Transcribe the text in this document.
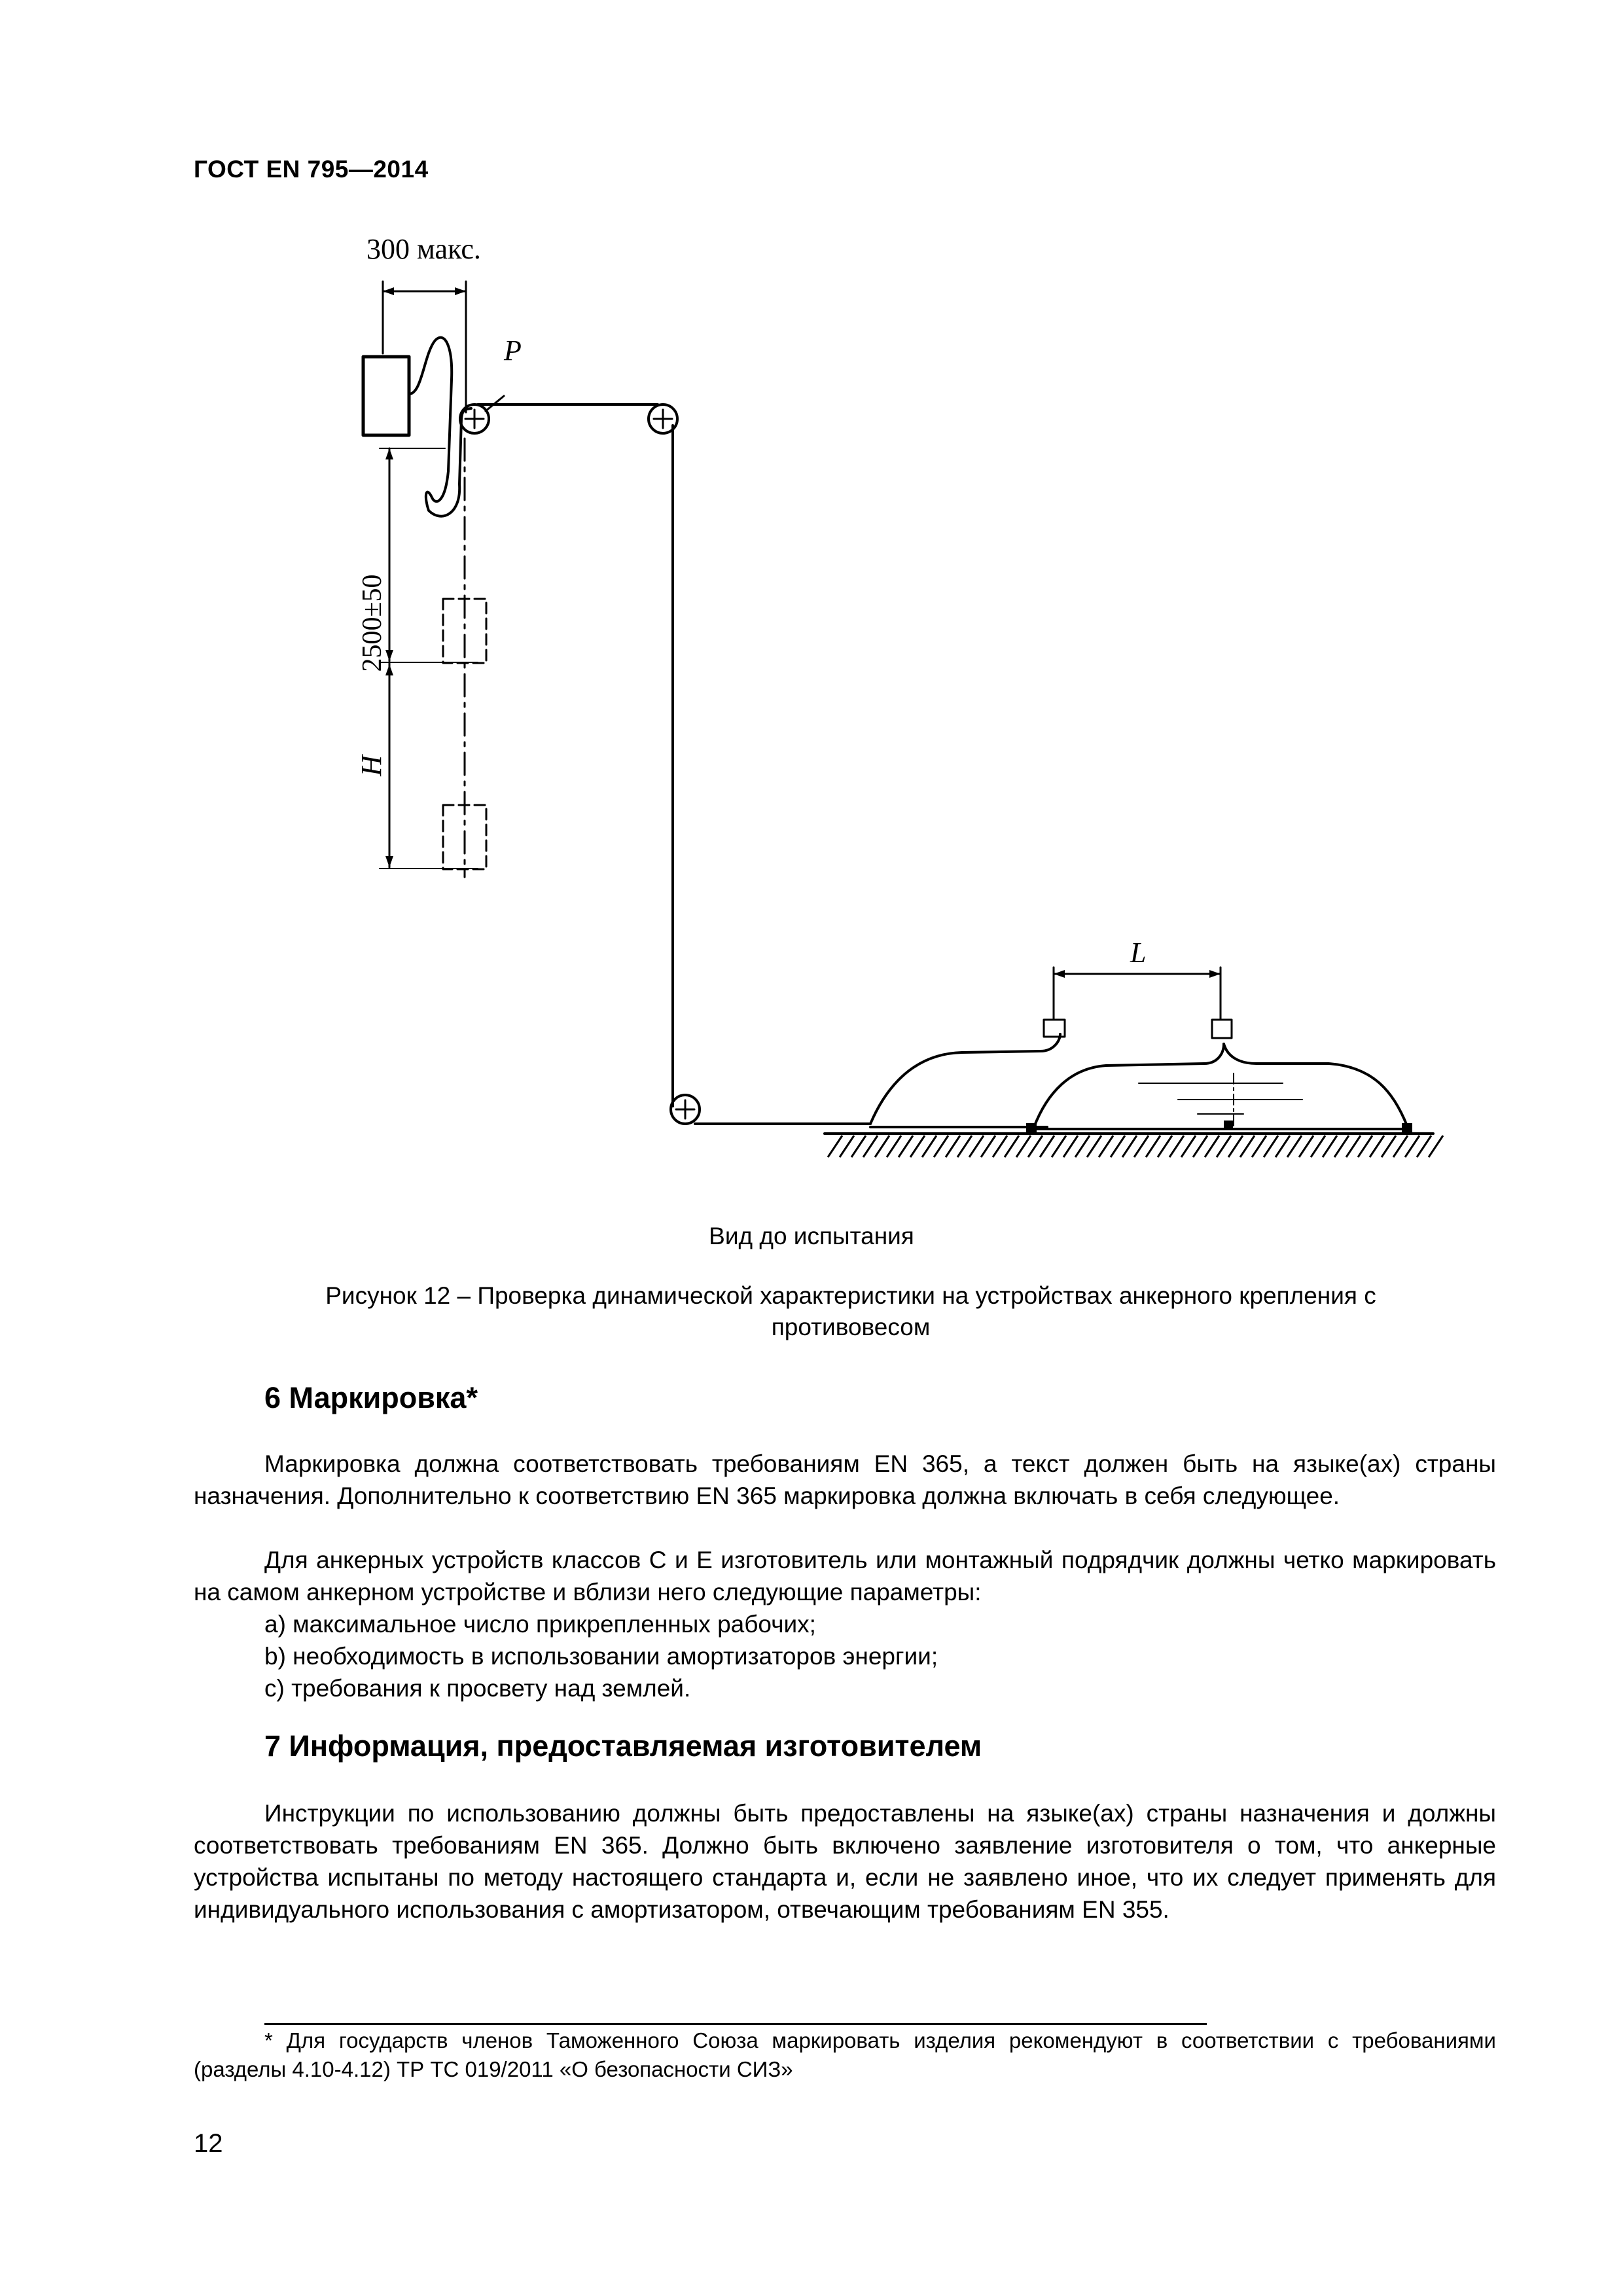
ГОСТ EN 795—2014
300 макс.
P
2500±50
H
L
Вид до испытания
Рисунок 12 – Проверка динамической характеристики на устройствах анкерного крепления с
противовесом
6 Маркировка*
Маркировка должна соответствовать требованиям EN 365, а текст должен быть на языке(ах) страны назначения. Дополнительно к соответствию EN 365 маркировка должна включать в себя следующее.
Для анкерных устройств классов С и E изготовитель или монтажный подрядчик должны четко маркировать на самом анкерном устройстве и вблизи него следующие параметры:
a) максимальное число прикрепленных рабочих;
b) необходимость в использовании амортизаторов энергии;
c) требования к просвету над землей.
7 Информация, предоставляемая изготовителем
Инструкции по использованию должны быть предоставлены на языке(ах) страны назначения и должны соответствовать требованиям EN 365. Должно быть включено заявление изготовителя о том, что анкерные устройства испытаны по методу настоящего стандарта и, если не заявлено иное, что их следует применять для индивидуального использования с амортизатором, отвечающим требованиям EN 355.
* Для государств членов Таможенного Союза маркировать изделия рекомендуют в соответствии с требованиями (разделы 4.10-4.12) ТР ТС 019/2011 «О безопасности СИЗ»
12
